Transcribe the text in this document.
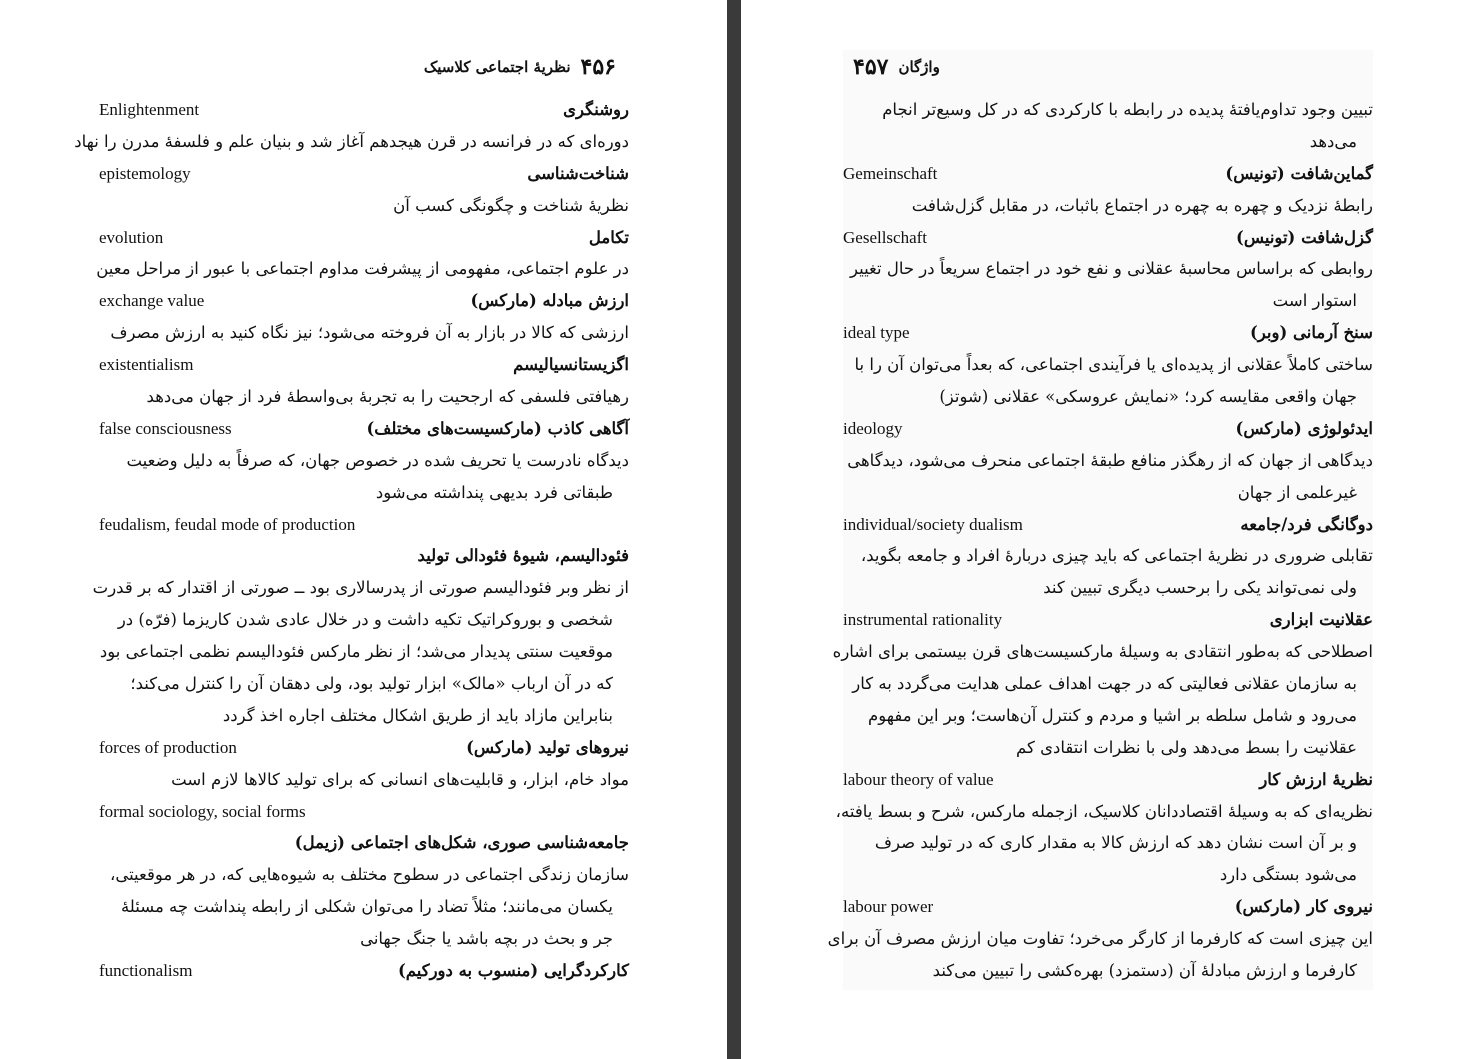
نظریهٔ اجتماعی کلاسیک ۴۵۶
Enlightenment	روشنگری
دوره‌ای که در فرانسه در قرن هیجدهم آغاز شد و بنیان علم و فلسفهٔ مدرن را نهاد
epistemology	شناخت‌شناسی
نظریهٔ شناخت و چگونگی کسب آن
evolution	تکامل
در علوم اجتماعی، مفهومی از پیشرفت مداوم اجتماعی با عبور از مراحل معین
exchange value	ارزش مبادله (مارکس)
ارزشی که کالا در بازار به آن فروخته می‌شود؛ نیز نگاه کنید به ارزش مصرف
existentialism	اگزیستانسیالیسم
رهیافتی فلسفی که ارجحیت را به تجربهٔ بی‌واسطهٔ فرد از جهان می‌دهد
false consciousness	آگاهی کاذب (مارکسیست‌های مختلف)
دیدگاه نادرست یا تحریف شده در خصوص جهان، که صرفاً به دلیل وضعیت
طبقاتی فرد بدیهی پنداشته می‌شود
feudalism, feudal mode of production
فئودالیسم، شیوهٔ فئودالی تولید
از نظر وبر فئودالیسم صورتی از پدرسالاری بود ــ صورتی از اقتدار که بر قدرت
شخصی و بوروکراتیک تکیه داشت و در خلال عادی شدن کاریزما (فرّه) در
موقعیت سنتی پدیدار می‌شد؛ از نظر مارکس فئودالیسم نظمی اجتماعی بود
که در آن ارباب «مالک» ابزار تولید بود، ولی دهقان آن را کنترل می‌کند؛
بنابراین مازاد باید از طریق اشکال مختلف اجاره اخذ گردد
forces of production	نیروهای تولید (مارکس)
مواد خام، ابزار، و قابلیت‌های انسانی که برای تولید کالاها لازم است
formal sociology, social forms
جامعه‌شناسی صوری، شکل‌های اجتماعی (زیمل)
سازمان زندگی اجتماعی در سطوح مختلف به شیوه‌هایی که، در هر موقعیتی،
یکسان می‌مانند؛ مثلاً تضاد را می‌توان شکلی از رابطه پنداشت چه مسئلهٔ
جر و بحث در بچه باشد یا جنگ جهانی
functionalism	کارکردگرایی (منسوب به دورکیم)
۴۵۷ واژگان
تبیین وجود تداوم‌یافتهٔ پدیده در رابطه با کارکردی که در کل وسیع‌تر انجام
می‌دهد
Gemeinschaft	گماین‌شافت (تونیس)
رابطهٔ نزدیک و چهره به چهره در اجتماع باثبات، در مقابل گزل‌شافت
Gesellschaft	گزل‌شافت (تونیس)
روابطی که براساس محاسبهٔ عقلانی و نفع خود در اجتماع سریعاً در حال تغییر
استوار است
ideal type	سنخ آرمانی (وبر)
ساختی کاملاً عقلانی از پدیده‌ای یا فرآیندی اجتماعی، که بعداً می‌توان آن را با
جهان واقعی مقایسه کرد؛ «نمایش عروسکی» عقلانی (شوتز)
ideology	ایدئولوژی (مارکس)
دیدگاهی از جهان که از رهگذر منافع طبقهٔ اجتماعی منحرف می‌شود، دیدگاهی
غیرعلمی از جهان
individual/society dualism	دوگانگی فرد/جامعه
تقابلی ضروری در نظریهٔ اجتماعی که باید چیزی دربارهٔ افراد و جامعه بگوید،
ولی نمی‌تواند یکی را برحسب دیگری تبیین کند
instrumental rationality	عقلانیت ابزاری
اصطلاحی که به‌طور انتقادی به وسیلهٔ مارکسیست‌های قرن بیستمی برای اشاره
به سازمان عقلانی فعالیتی که در جهت اهداف عملی هدایت می‌گردد به کار
می‌رود و شامل سلطه بر اشیا و مردم و کنترل آن‌هاست؛ وبر این مفهوم
عقلانیت را بسط می‌دهد ولی با نظرات انتقادی کم
labour theory of value	نظریهٔ ارزش کار
نظریه‌ای که به وسیلهٔ اقتصاددانان کلاسیک، ازجمله مارکس، شرح و بسط یافته،
و بر آن است نشان دهد که ارزش کالا به مقدار کاری که در تولید صرف
می‌شود بستگی دارد
labour power	نیروی کار (مارکس)
این چیزی است که کارفرما از کارگر می‌خرد؛ تفاوت میان ارزش مصرف آن برای
کارفرما و ارزش مبادلهٔ آن (دستمزد) بهره‌کشی را تبیین می‌کند
